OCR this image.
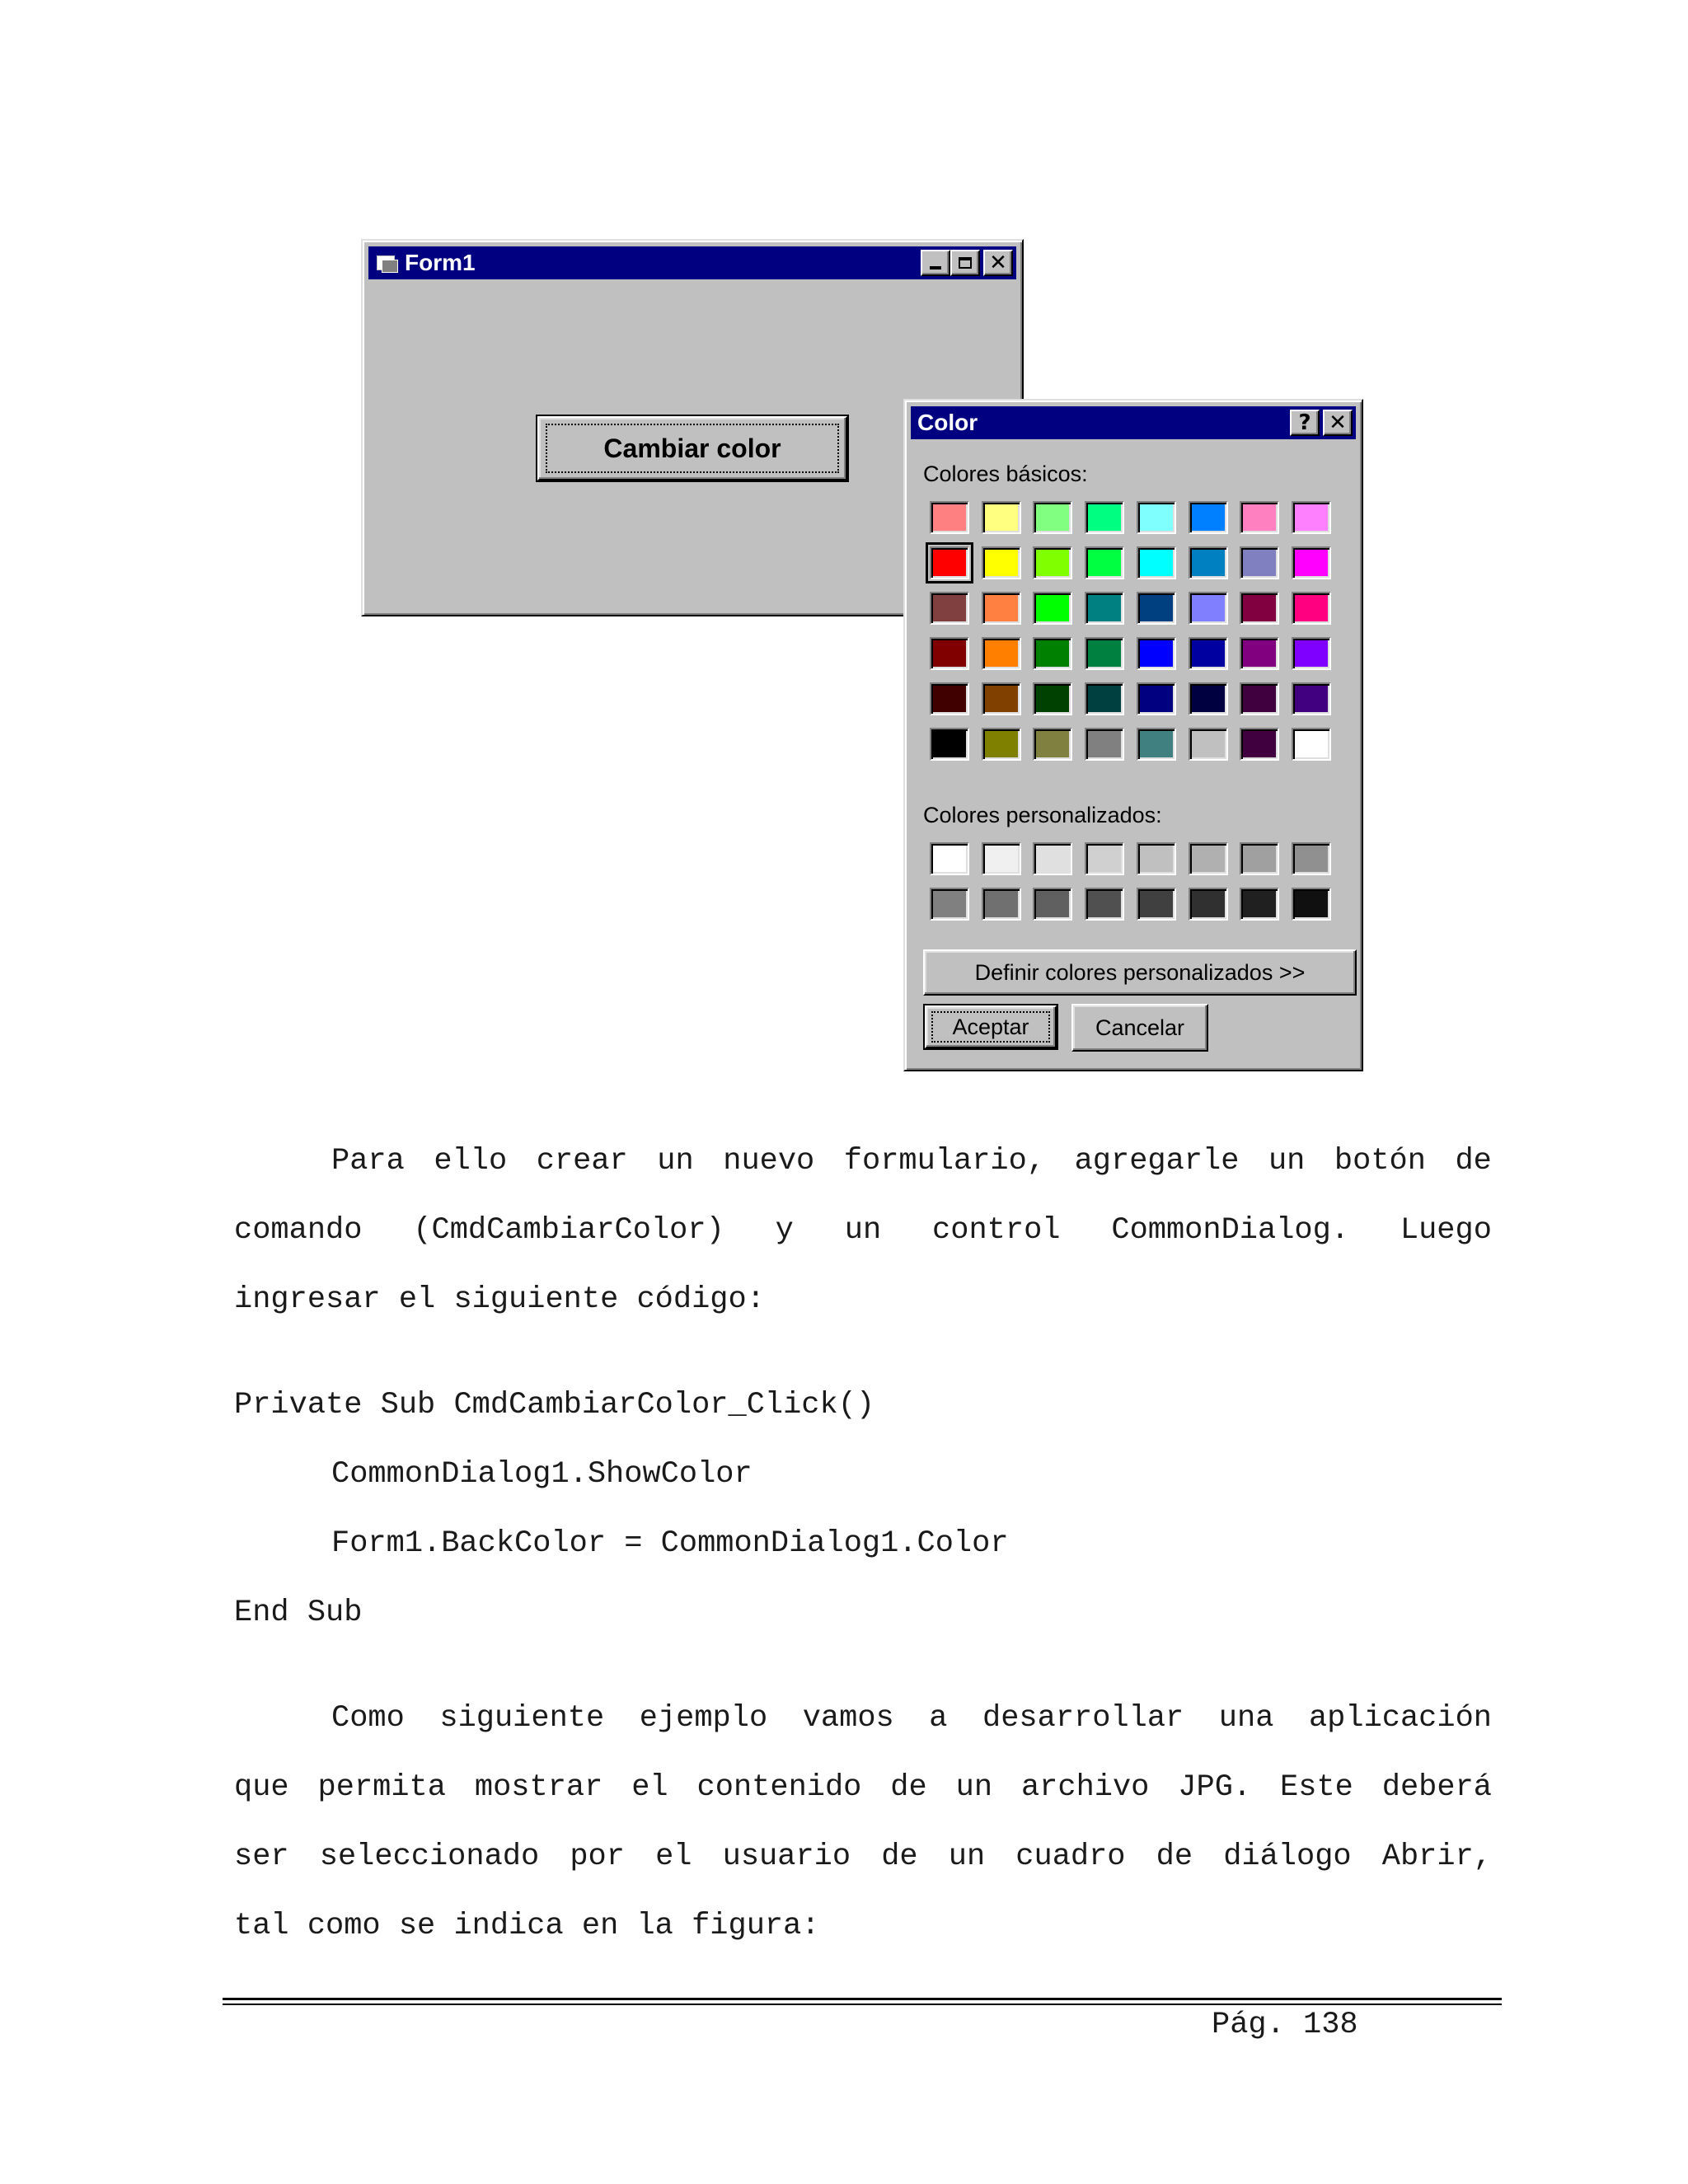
Form1	✕
Cambiar color
Color	? ✕
Colores básicos:
Colores personalizados:
Definir colores personalizados >>
Aceptar	Cancelar
Para ello crear un nuevo formulario, agregarle un botón de
comando (CmdCambiarColor) y un control CommonDialog. Luego
ingresar el siguiente código:
Private Sub CmdCambiarColor_Click()
CommonDialog1.ShowColor
Form1.BackColor = CommonDialog1.Color
End Sub
Como siguiente ejemplo vamos a desarrollar una aplicación
que permita mostrar el contenido de un archivo JPG. Este deberá
ser seleccionado por el usuario de un cuadro de diálogo Abrir,
tal como se indica en la figura:
Pág. 138
